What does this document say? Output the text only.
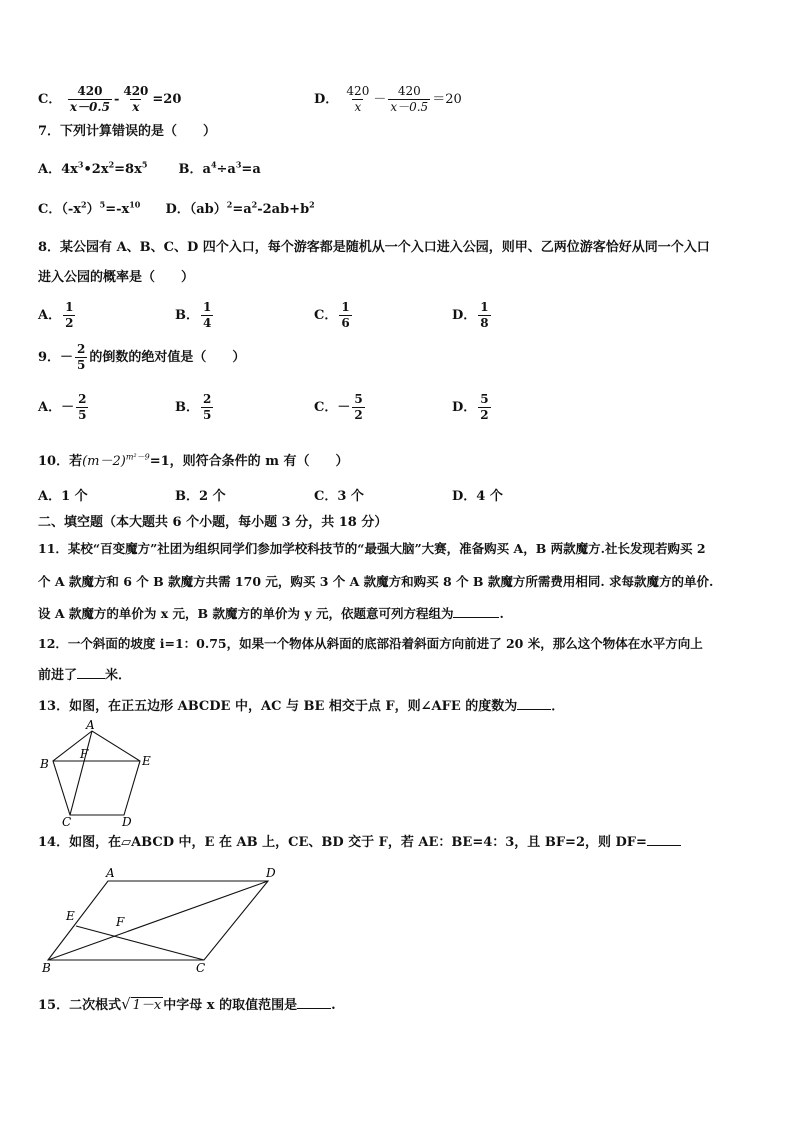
C． $\frac{420}{x-0.5} - \frac{420}{x} =20$	D． $\frac{420}{x} - \frac{420}{x-0.5} =20$
7．下列计算错误的是（　　）
A．$4x^3•2x^2=8x^5$ B．$a^4\div a^3=a$
C．$(-x^2)^5=-x^{10}$ D．$(ab)^2=a^2-2ab+b^2$
8．某公园有 A、B、C、D 四个入口，每个游客都是随机从一个入口进入公园，则甲、乙两位游客恰好从同一个入口
进入公园的概率是（　　）
A． $\frac{1}{2}$	B． $\frac{1}{4}$	C． $\frac{1}{6}$	D． $\frac{1}{8}$
9．－ $\frac{2}{5}$ 的倒数的绝对值是（　　）
A．－ $\frac{2}{5}$	B． $\frac{2}{5}$	C．－ $\frac{5}{2}$	D． $\frac{5}{2}$
10．若$(m-2)^{m^2-9}=1$，则符合条件的 m 有（　　）
A．1 个	B．2 个	C．3 个	D．4 个
二、填空题（本大题共 6 个小题，每小题 3 分，共 18 分）
11．某校“百变魔方”社团为组织同学们参加学校科技节的“最强大脑”大赛，准备购买 A，B 两款魔方.社长发现若购买 2
个 A 款魔方和 6 个 B 款魔方共需 170 元，购买 3 个 A 款魔方和购买 8 个 B 款魔方所需费用相同. 求每款魔方的单价.
设 A 款魔方的单价为 x 元，B 款魔方的单价为 y 元，依题意可列方程组为	.
12．一个斜面的坡度 i=1：0.75，如果一个物体从斜面的底部沿着斜面方向前进了 20 米，那么这个物体在水平方向上
前进了 米．
13．如图，在正五边形 ABCDE 中，AC 与 BE 相交于点 F，则∠AFE 的度数为	．
A
B
C	D
E
F
14．如图，在▱ABCD 中，E 在 AB 上，CE、BD 交于 F，若 AE：BE=4：3，且 BF=2，则 DF=
A	D
E	F
B	C
15．二次根式√ 1－x 中字母 x 的取值范围是	.
